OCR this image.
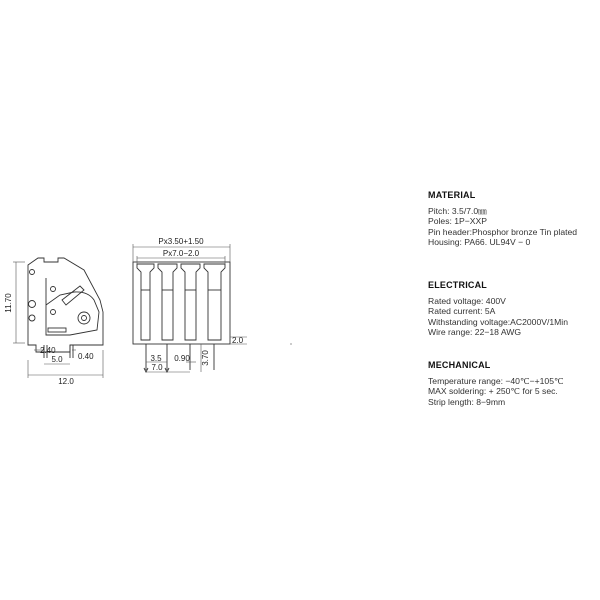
11.70
12.0
2.40
0.40
5.0
Px3.50+1.50
Px7.0−2.0
3.5
7.0
0.90 3.70
2.0
MATERIAL
Pitch: 3.5/7.0㎜
Poles: 1P−XXP
Pin header:Phosphor bronze Tin plated
Housing: PA66. UL94V − 0
ELECTRICAL
Rated voltage: 400V
Rated current: 5A
Withstanding voltage:AC2000V/1Min
Wire range: 22−18 AWG
MECHANICAL
Temperature range: −40℃−+105℃
MAX soldering: + 250℃ for 5 sec.
Strip length: 8−9mm
